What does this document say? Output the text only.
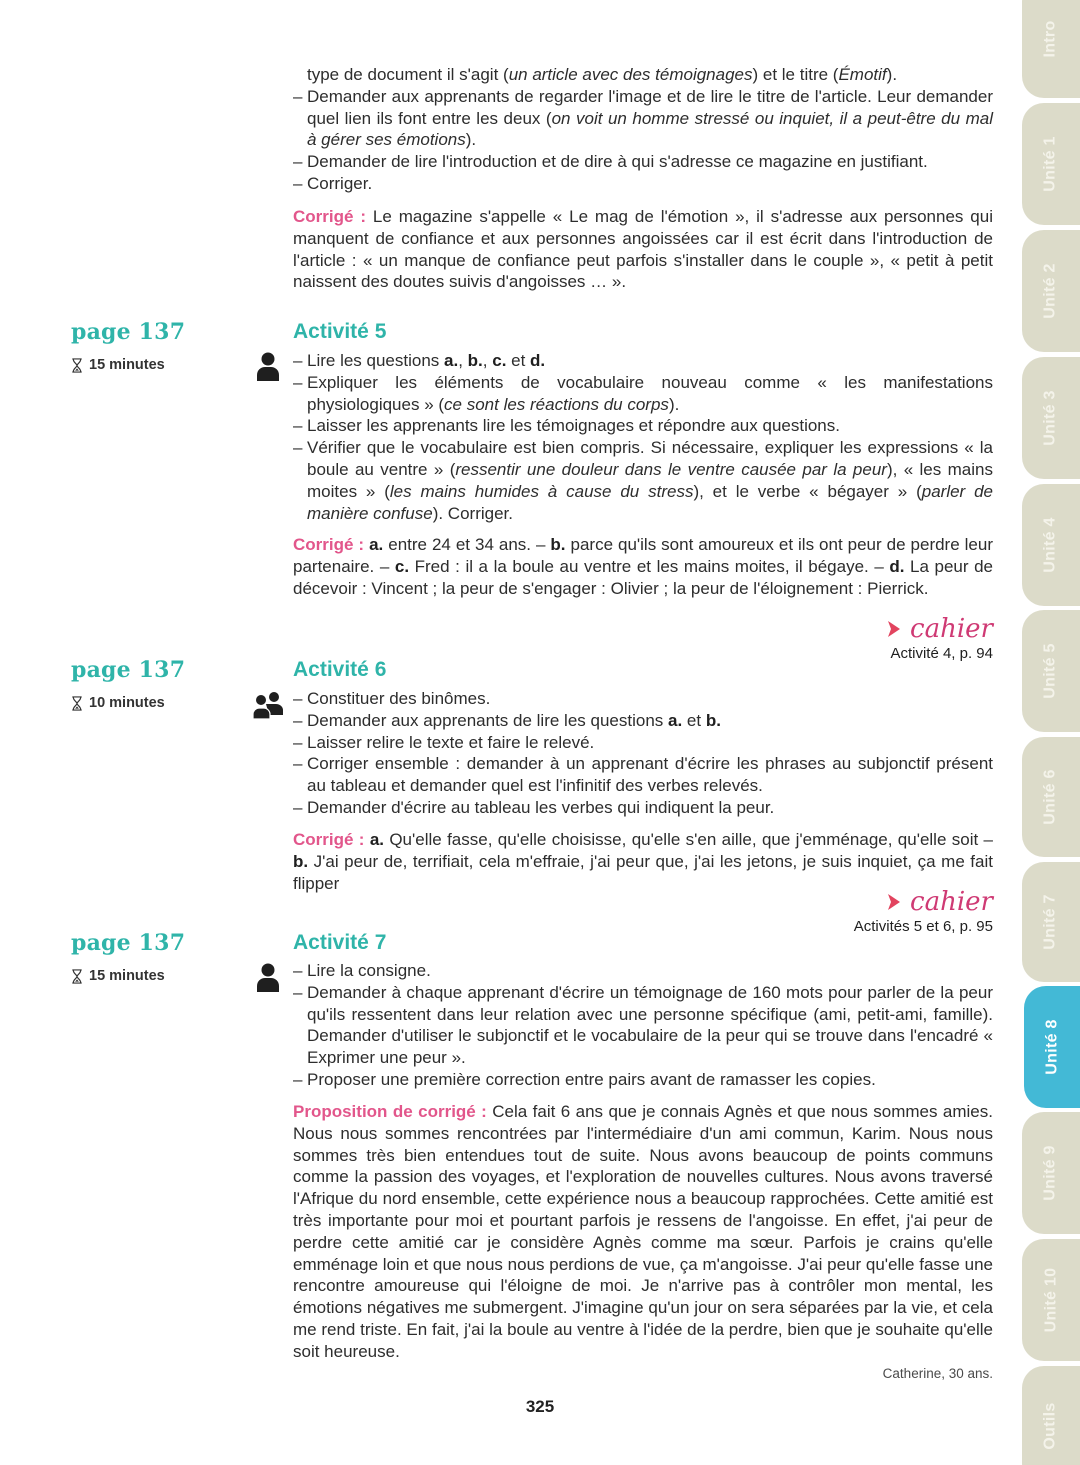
type de document il s'agit (un article avec des témoignages) et le titre (Émotif).
– Demander aux apprenants de regarder l'image et de lire le titre de l'article. Leur demander quel lien ils font entre les deux (on voit un homme stressé ou inquiet, il a peut-être du mal à gérer ses émotions).
– Demander de lire l'introduction et de dire à qui s'adresse ce magazine en justifiant.
– Corriger.
Corrigé : Le magazine s'appelle « Le mag de l'émotion », il s'adresse aux personnes qui manquent de confiance et aux personnes angoissées car il est écrit dans l'introduction de l'article : « un manque de confiance peut parfois s'installer dans le couple », « petit à petit naissent des doutes suivis d'angoisses … ».
page 137
15 minutes
Activité 5
– Lire les questions a., b., c. et d.
– Expliquer les éléments de vocabulaire nouveau comme « les manifestations physiologiques » (ce sont les réactions du corps).
– Laisser les apprenants lire les témoignages et répondre aux questions.
– Vérifier que le vocabulaire est bien compris. Si nécessaire, expliquer les expressions « la boule au ventre » (ressentir une douleur dans le ventre causée par la peur), « les mains moites » (les mains humides à cause du stress), et le verbe « bégayer » (parler de manière confuse). Corriger.
Corrigé : a. entre 24 et 34 ans. – b. parce qu'ils sont amoureux et ils ont peur de perdre leur partenaire. – c. Fred : il a la boule au ventre et les mains moites, il bégaye. – d. La peur de décevoir : Vincent ; la peur de s'engager : Olivier ; la peur de l'éloignement : Pierrick.
cahier
Activité 4, p. 94
page 137
10 minutes
Activité 6
– Constituer des binômes.
– Demander aux apprenants de lire les questions a. et b.
– Laisser relire le texte et faire le relevé.
– Corriger ensemble : demander à un apprenant d'écrire les phrases au subjonctif présent au tableau et demander quel est l'infinitif des verbes relevés.
– Demander d'écrire au tableau les verbes qui indiquent la peur.
Corrigé : a. Qu'elle fasse, qu'elle choisisse, qu'elle s'en aille, que j'emménage, qu'elle soit – b. J'ai peur de, terrifiait, cela m'effraie, j'ai peur que, j'ai les jetons, je suis inquiet, ça me fait flipper
cahier
Activités 5 et 6, p. 95
page 137
15 minutes
Activité 7
– Lire la consigne.
– Demander à chaque apprenant d'écrire un témoignage de 160 mots pour parler de la peur qu'ils ressentent dans leur relation avec une personne spécifique (ami, petit-ami, famille). Demander d'utiliser le subjonctif et le vocabulaire de la peur qui se trouve dans l'encadré « Exprimer une peur ».
– Proposer une première correction entre pairs avant de ramasser les copies.
Proposition de corrigé : Cela fait 6 ans que je connais Agnès et que nous sommes amies. Nous nous sommes rencontrées par l'intermédiaire d'un ami commun, Karim. Nous nous sommes très bien entendues tout de suite. Nous avons beaucoup de points communs comme la passion des voyages, et l'exploration de nouvelles cultures. Nous avons traversé l'Afrique du nord ensemble, cette expérience nous a beaucoup rapprochées. Cette amitié est très importante pour moi et pourtant parfois je ressens de l'angoisse. En effet, j'ai peur de perdre cette amitié car je considère Agnès comme ma sœur. Parfois je crains qu'elle emménage loin et que nous nous perdions de vue, ça m'angoisse. J'ai peur qu'elle fasse une rencontre amoureuse qui l'éloigne de moi. Je n'arrive pas à contrôler mon mental, les émotions négatives me submergent. J'imagine qu'un jour on sera séparées par la vie, et cela me rend triste. En fait, j'ai la boule au ventre à l'idée de la perdre, bien que je souhaite qu'elle soit heureuse.
Catherine, 30 ans.
325
Intro
Unité 1
Unité 2
Unité 3
Unité 4
Unité 5
Unité 6
Unité 7
Unité 8
Unité 9
Unité 10
Outils
